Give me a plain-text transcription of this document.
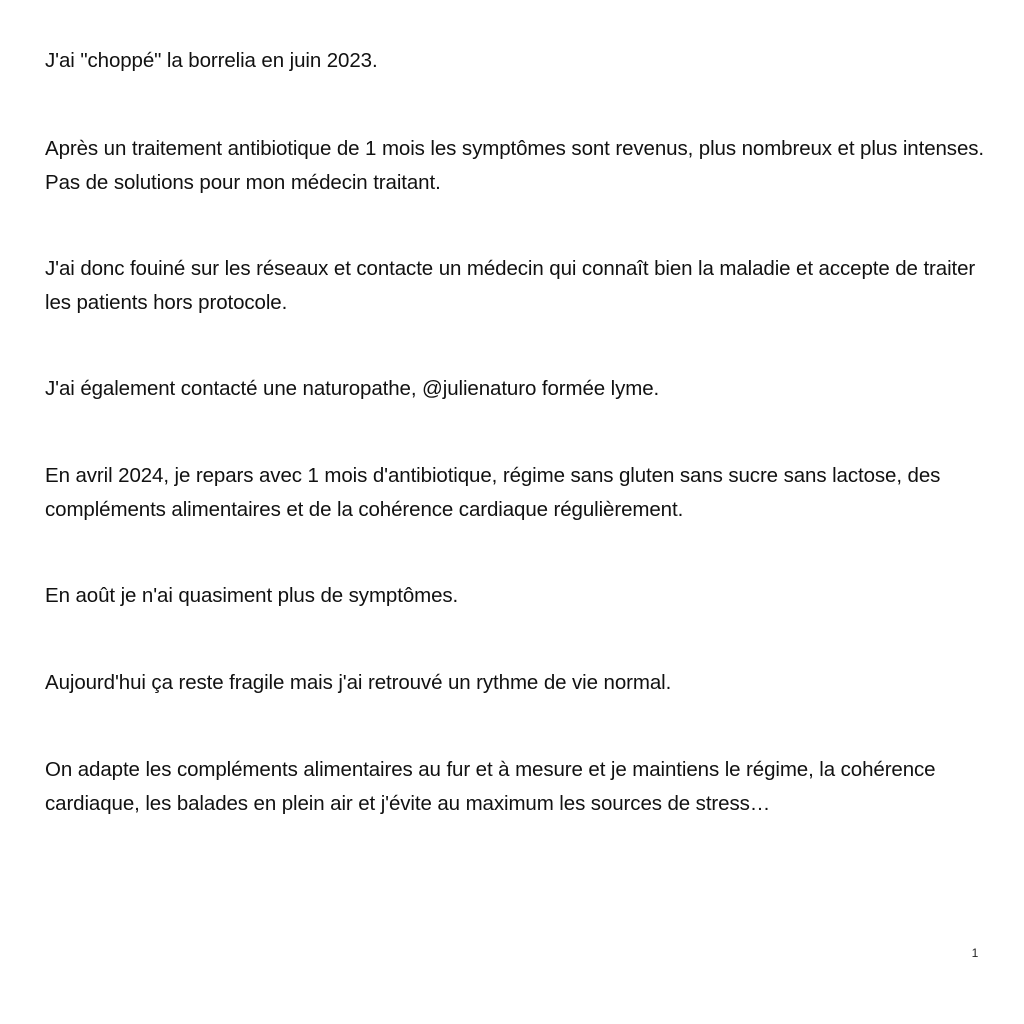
J'ai "choppé" la borrelia en juin 2023.

Après un traitement antibiotique de 1 mois les symptômes sont revenus, plus nombreux et plus intenses. Pas de solutions pour mon médecin traitant.

J'ai donc fouiné sur les réseaux et contacte un médecin qui connaît bien la maladie et accepte de traiter les patients hors protocole.

J'ai également contacté une naturopathe, @julienaturo formée lyme.

En avril 2024, je repars avec 1 mois d'antibiotique, régime sans gluten sans sucre sans lactose, des compléments alimentaires et de la cohérence cardiaque régulièrement.

En août je n'ai quasiment plus de symptômes.

Aujourd'hui ça reste fragile mais j'ai retrouvé un rythme de vie normal.

On adapte les compléments alimentaires au fur et à mesure et je maintiens le régime, la cohérence cardiaque, les balades en plein air et j'évite au maximum les sources de stress…

1
